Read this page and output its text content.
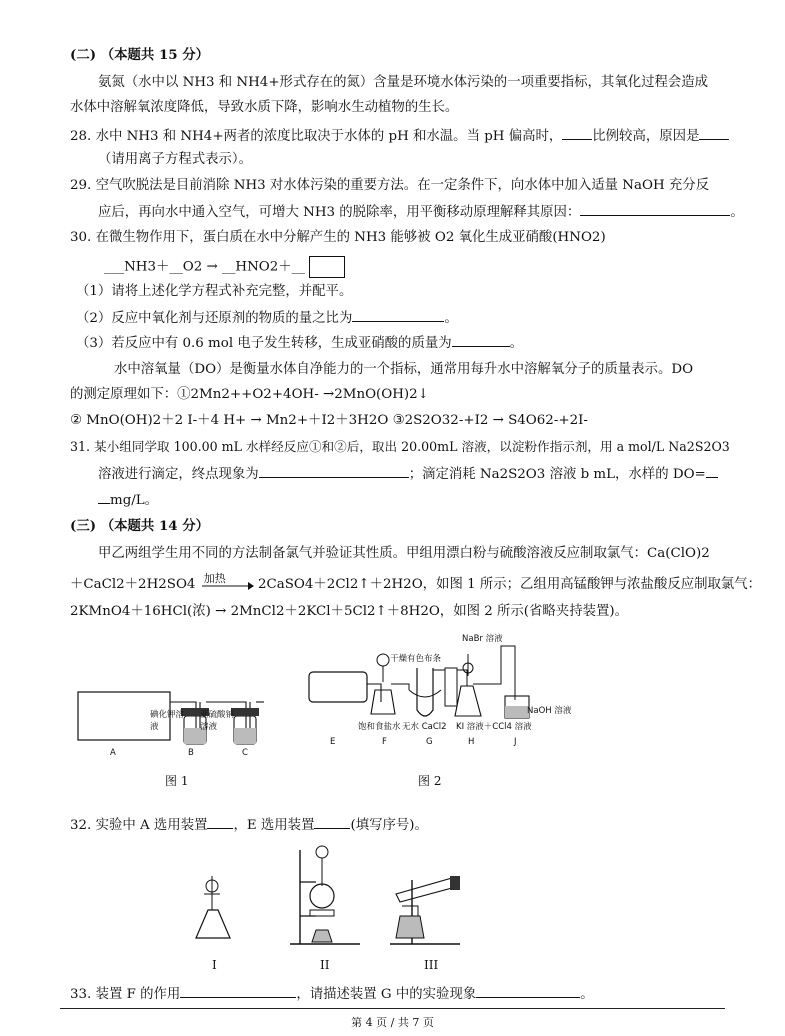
(二) （本题共 15 分）
氨氮（水中以 NH3 和 NH4+形式存在的氮）含量是环境水体污染的一项重要指标，其氧化过程会造成
水体中溶解氧浓度降低，导致水质下降，影响水生动植物的生长。
28. 水中 NH3 和 NH4+两者的浓度比取决于水体的 pH 和水温。当 pH 偏高时， 比例较高，原因是
（请用离子方程式表示）。
29. 空气吹脱法是目前消除 NH3 对水体污染的重要方法。在一定条件下，向水体中加入适量 NaOH 充分反
应后，再向水中通入空气，可增大 NH3 的脱除率，用平衡移动原理解释其原因：	。
30. 在微生物作用下，蛋白质在水中分解产生的 NH3 能够被 O2 氧化生成亚硝酸(HNO2)
___NH3＋__O2 → __HNO2＋__
（1）请将上述化学方程式补充完整，并配平。
（2）反应中氧化剂与还原剂的物质的量之比为	。
（3）若反应中有 0.6 mol 电子发生转移，生成亚硝酸的质量为	。
水中溶氧量（DO）是衡量水体自净能力的一个指标，通常用每升水中溶解氧分子的质量表示。DO
的测定原理如下：①2Mn2++O2+4OH- →2MnO(OH)2↓
② MnO(OH)2＋2 I-＋4 H+ → Mn2+＋I2＋3H2O ③2S2O32-+I2 → S4O62-+2I-
31. 某小组同学取 100.00 mL 水样经反应①和②后，取出 20.00mL 溶液，以淀粉作指示剂，用 a mol/L Na2S2O3
溶液进行滴定，终点现象为	；滴定消耗 Na2S2O3 溶液 b mL，水样的 DO=
mg/L。
(三) （本题共 14 分）
甲乙两组学生用不同的方法制备氯气并验证其性质。甲组用漂白粉与硫酸溶液反应制取氯气：Ca(ClO)2
＋CaCl2＋2H2SO4 加热 2CaSO4＋2Cl2↑＋2H2O，如图 1 所示；乙组用高锰酸钾与浓盐酸反应制取氯气：
2KMnO4＋16HCl(浓) → 2MnCl2＋2KCl＋5Cl2↑＋8H2O，如图 2 所示(省略夹持装置)。
碘化钾溶液
亚硫酸钠溶液
A	B	C
图 1
NaBr 溶液
干燥有色布条
NaOH 溶液
饱和食盐水 无水 CaCl2 KI 溶液＋CCl4 溶液
E	F	G	H	J
图 2
32. 实验中 A 选用装置 ，E 选用装置	(填写序号)。
I	II	III
33. 装置 F 的作用	，请描述装置 G 中的实验现象	。
第 4 页 / 共 7 页
